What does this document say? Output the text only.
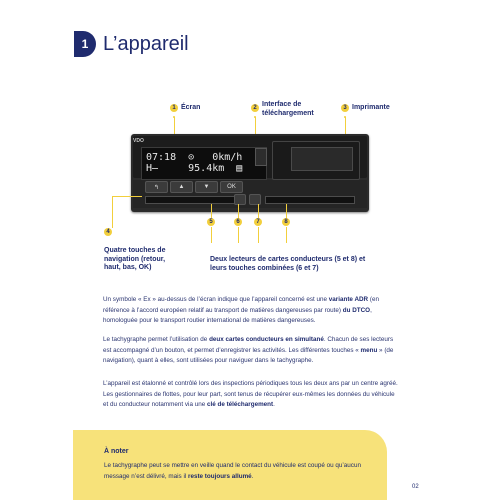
1 L’appareil
1 Écran	2 Interface de téléchargement
3 Imprimante
VDO
07:18  ⊙   0km/h
H̶     95.4km  ▤
↰	▲	▼	OK
5	6	7	8
4
Quatre touches de navigation (retour, haut, bas, OK)
Deux lecteurs de cartes conducteurs (5 et 8) et leurs touches combinées (6 et 7)
Un symbole « Ex » au-dessus de l’écran indique que l’appareil concerné est une variante ADR (en référence à l’accord européen relatif au transport de matières dangereuses par route) du DTCO, homologuée pour le transport routier international de matières dangereuses.
Le tachygraphe permet l’utilisation de deux cartes conducteurs en simultané. Chacun de ses lecteurs est accompagné d’un bouton, et permet d’enregistrer les activités. Les différentes touches « menu » (de navigation), quant à elles, sont utilisées pour naviguer dans le tachygraphe.
L’appareil est étalonné et contrôlé lors des inspections périodiques tous les deux ans par un centre agréé. Les gestionnaires de flottes, pour leur part, sont tenus de récupérer eux-mêmes les données du véhicule et du conducteur notamment via une clé de téléchargement.
À noter
Le tachygraphe peut se mettre en veille quand le contact du véhicule est coupé ou qu’aucun message n’est délivré, mais il reste toujours allumé.
02
